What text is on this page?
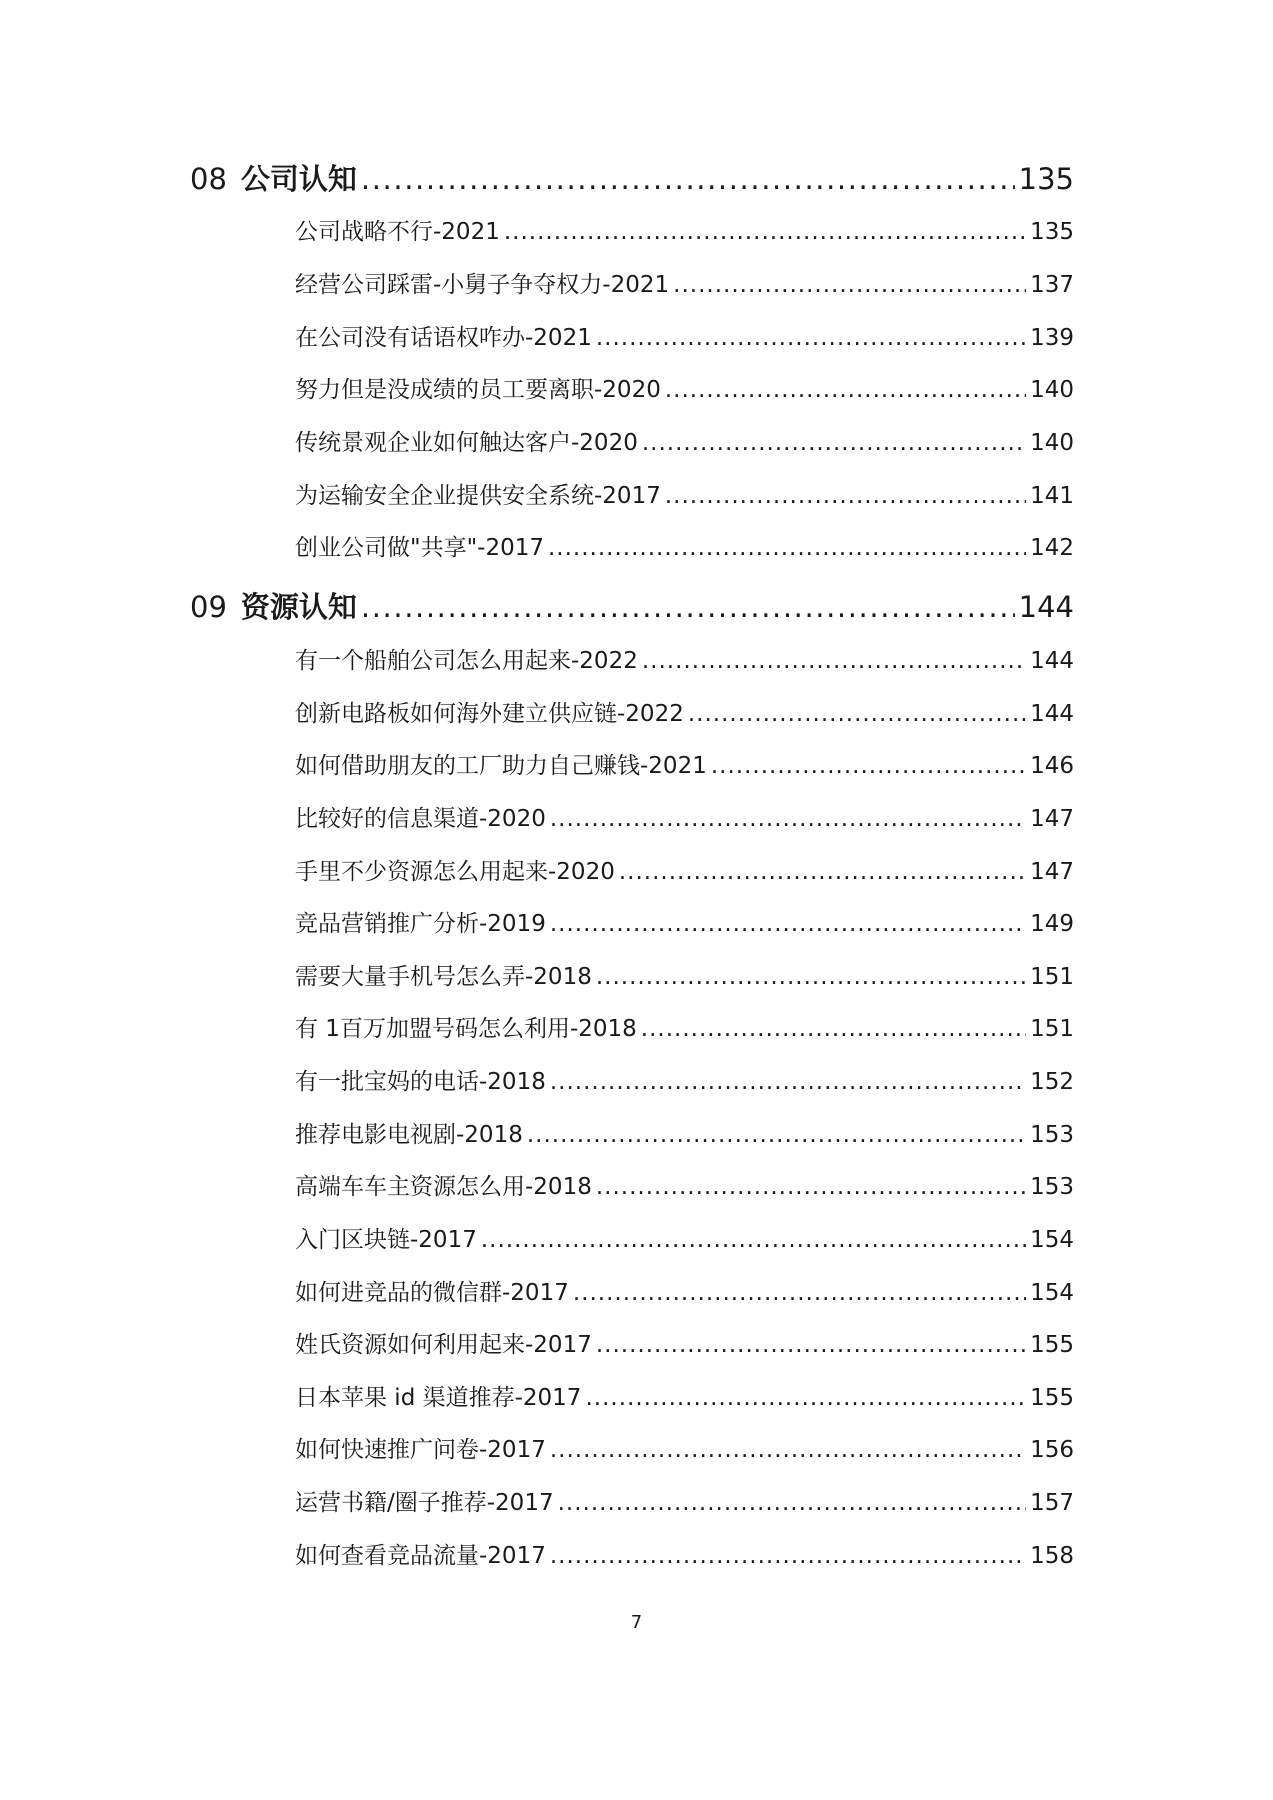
08 公司认知 .....	135
公司战略不行-2021 .....	135
经营公司踩雷-小舅子争夺权力-2021 .....	137
在公司没有话语权咋办-2021 .....	139
努力但是没成绩的员工要离职-2020 .....	140
传统景观企业如何触达客户-2020 .....	140
为运输安全企业提供安全系统-2017 .....	141
创业公司做"共享"-2017 .....	142
09 资源认知 .....	144
有一个船舶公司怎么用起来-2022 .....	144
创新电路板如何海外建立供应链-2022 .....	144
如何借助朋友的工厂助力自己赚钱-2021 .....	146
比较好的信息渠道-2020 .....	147
手里不少资源怎么用起来-2020 .....	147
竞品营销推广分析-2019 .....	149
需要大量手机号怎么弄-2018 .....	151
有 1百万加盟号码怎么利用-2018 .....	151
有一批宝妈的电话-2018 .....	152
推荐电影电视剧-2018 .....	153
高端车车主资源怎么用-2018 .....	153
入门区块链-2017 .....	154
如何进竞品的微信群-2017 .....	154
姓氏资源如何利用起来-2017 .....	155
日本苹果 id 渠道推荐-2017 .....	155
如何快速推广问卷-2017 .....	156
运营书籍/圈子推荐-2017 .....	157
如何查看竞品流量-2017 .....	158
7
